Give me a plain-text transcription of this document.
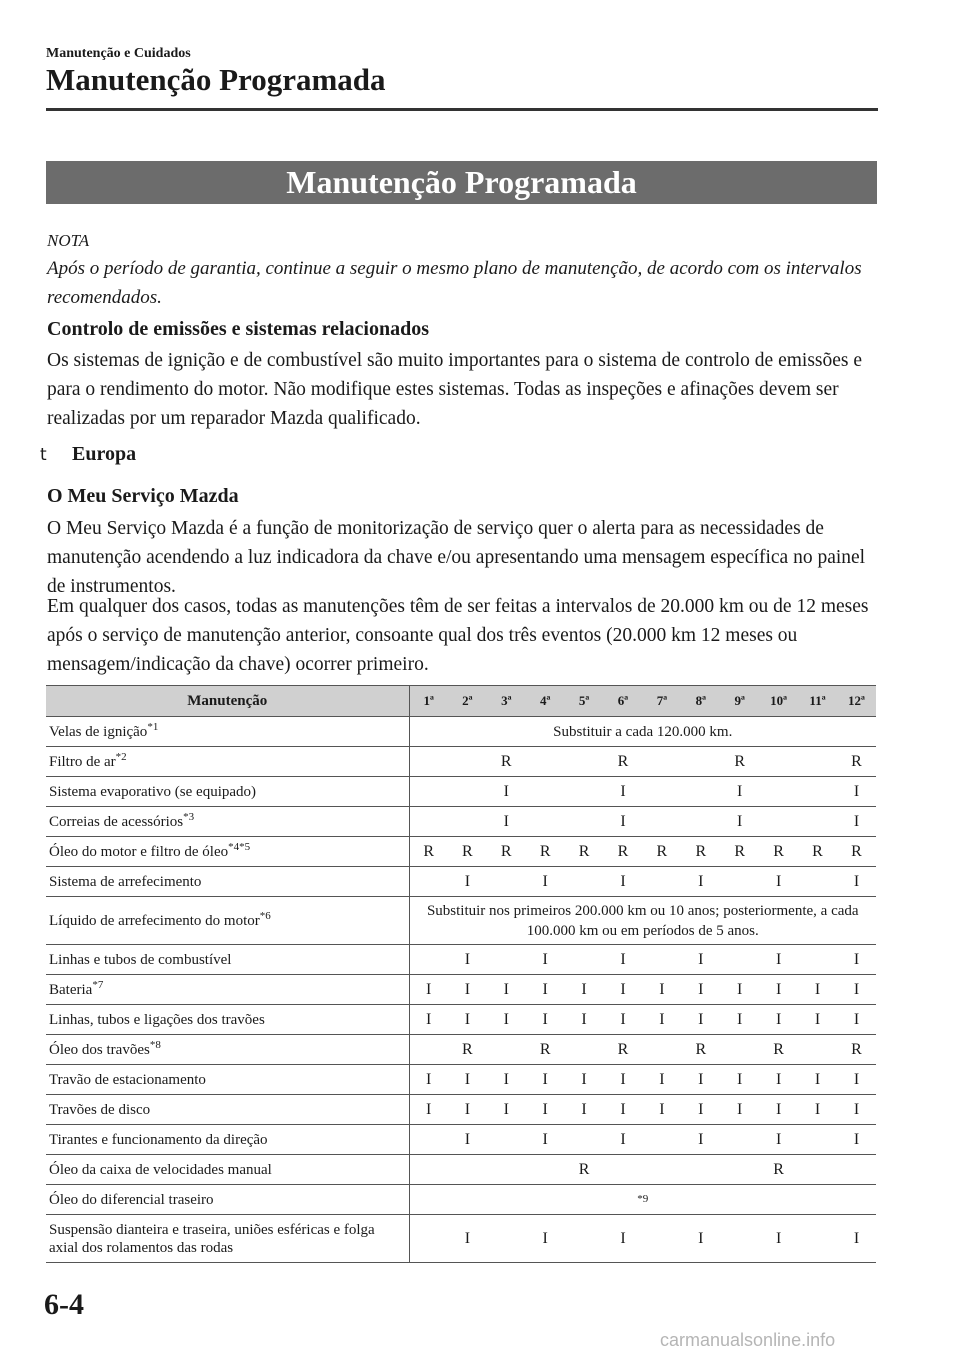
Manutenção e Cuidados
Manutenção Programada
Manutenção Programada
NOTA
Após o período de garantia, continue a seguir o mesmo plano de manutenção, de acordo com os intervalos recomendados.
Controlo de emissões e sistemas relacionados
Os sistemas de ignição e de combustível são muito importantes para o sistema de controlo de emissões e para o rendimento do motor. Não modifique estes sistemas. Todas as inspeções e afinações devem ser realizadas por um reparador Mazda qualificado.
t Europa
O Meu Serviço Mazda
O Meu Serviço Mazda é a função de monitorização de serviço quer o alerta para as necessidades de manutenção acendendo a luz indicadora da chave e/ou apresentando uma mensagem específica no painel de instrumentos.
Em qualquer dos casos, todas as manutenções têm de ser feitas a intervalos de 20.000 km ou de 12 meses após o serviço de manutenção anterior, consoante qual dos três eventos (20.000 km 12 meses ou mensagem/indicação da chave) ocorrer primeiro.
Manutenção	1ª	2ª	3ª	4ª	5ª	6ª	7ª	8ª	9ª	10ª	11ª	12ª
Velas de ignição$^{*1}$	Substituir a cada 120.000 km.											
Filtro de $ar^{*2}$			R			R			R			R
Sistema evaporativo (se equipado)			I			I			I			I
Correias de acessórios$^{*3}$			I			I			I			I
Óleo do motor e filtro de óleo$^{*4*5}$	R	R	R	R	R	R	R	R	R	R	R	R
Sistema de arrefecimento		I		I		I		I		I		I
Líquido de arrefecimento do motor$^{*6}$	Substituir nos primeiros 200.000 km ou 10 anos; posteriormente, a cada 100.000 km ou em períodos de 5 anos.											
Linhas e tubos de combustível		I		I		I		I		I		I
Bateria$^{*7}$	I	I	I	I	I	I	I	I	I	I	I	I
Linhas, tubos e ligações dos travões	I	I	I	I	I	I	I	I	I	I	I	I
Óleo dos travões$^{*8}$		R		R		R		R		R		R
Travão de estacionamento	I	I	I	I	I	I	I	I	I	I	I	I
Travões de disco	I	I	I	I	I	I	I	I	I	I	I	I
Tirantes e funcionamento da direção		I		I		I		I		I		I
Óleo da caixa de velocidades manual					R					R		
Óleo do diferencial traseiro	*9											
Suspensão dianteira e traseira, uniões esféricas e folga axial dos rolamentos das rodas		I		I		I		I		I		I
6-4
carmanualsonline.info
